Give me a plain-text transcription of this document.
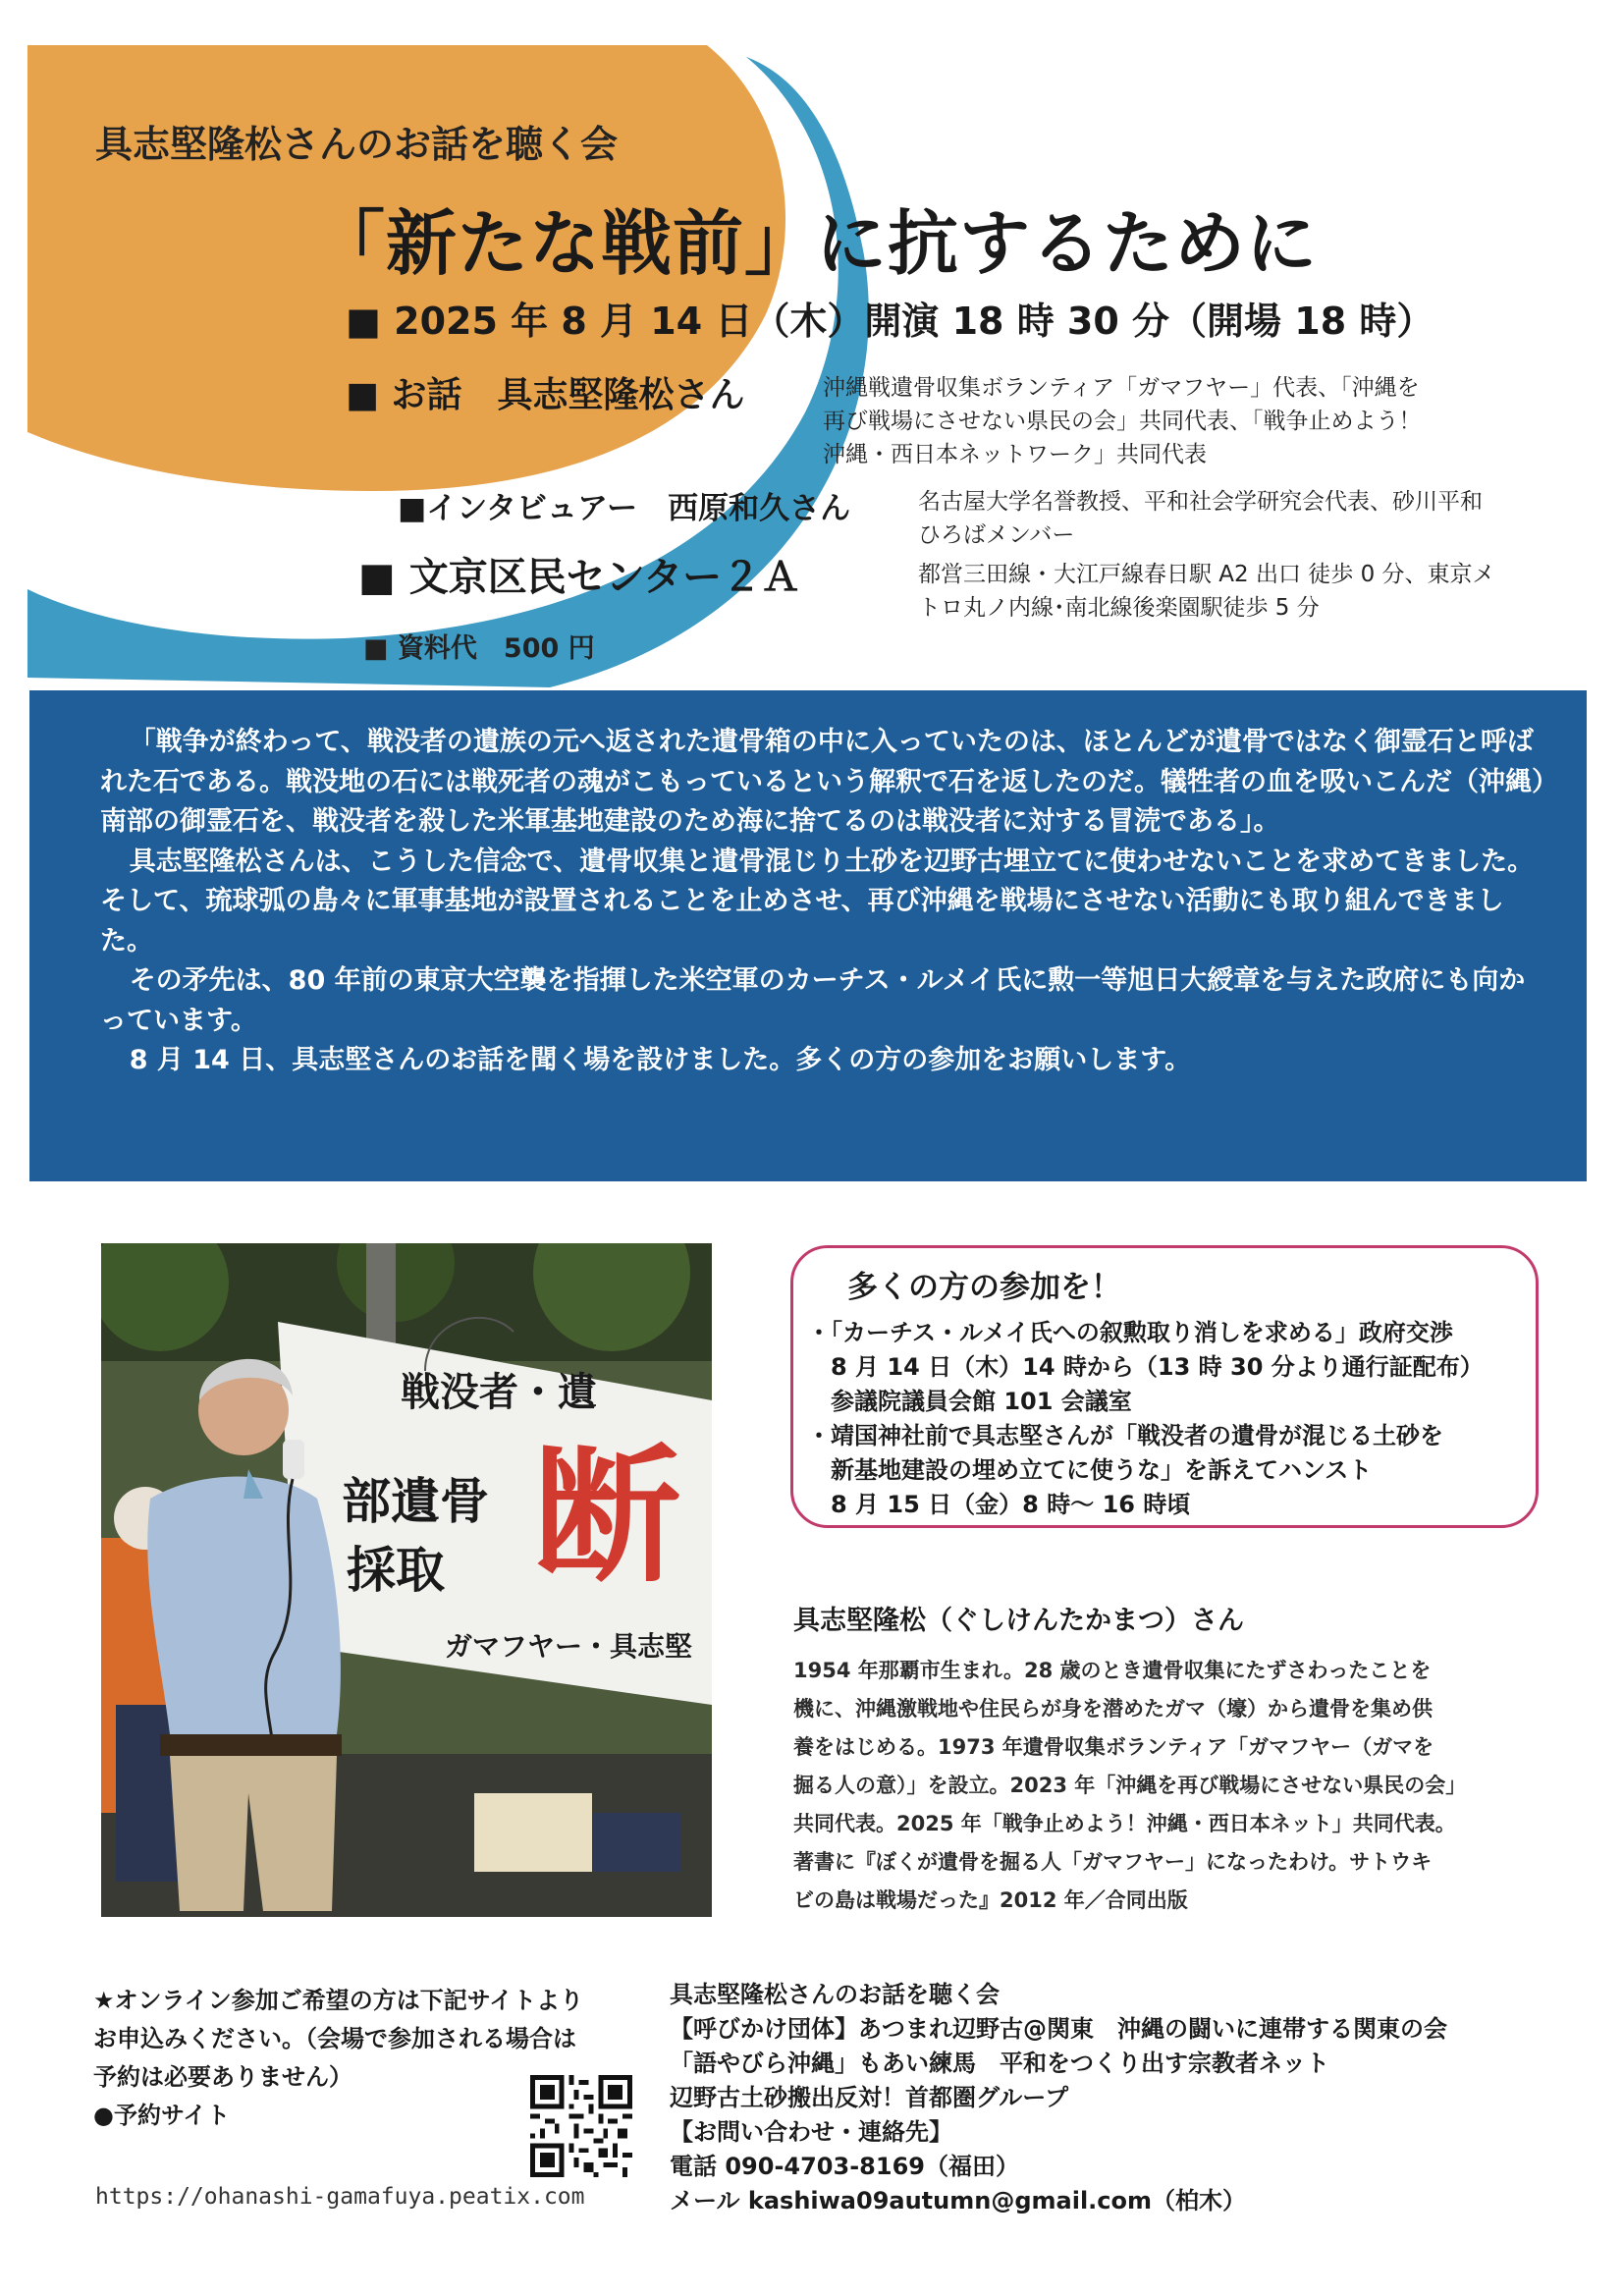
具志堅隆松さんのお話を聴く会
「新たな戦前」に抗するために
■ 2025 年 8 月 14 日（木）開演 18 時 30 分（開場 18 時）
■ お話　具志堅隆松さん	沖縄戦遺骨収集ボランティア「ガマフヤー」代表、「沖縄を
再び戦場にさせない県民の会」共同代表、「戦争止めよう！
沖縄・西日本ネットワーク」共同代表
■インタビュアー　西原和久さん	名古屋大学名誉教授、平和社会学研究会代表、砂川平和
ひろばメンバー
■ 文京区民センター２Ａ	都営三田線・大江戸線春日駅 A2 出口 徒歩 0 分、東京メ
トロ丸ノ内線･南北線後楽園駅徒歩 5 分
■ 資料代　500 円

「戦争が終わって、戦没者の遺族の元へ返された遺骨箱の中に入っていたのは、ほとんどが遺骨ではなく御霊石と呼ばれた石である。戦没地の石には戦死者の魂がこもっているという解釈で石を返したのだ。犠牲者の血を吸いこんだ（沖縄）南部の御霊石を、戦没者を殺した米軍基地建設のため海に捨てるのは戦没者に対する冒涜である」。

具志堅隆松さんは、こうした信念で、遺骨収集と遺骨混じり土砂を辺野古埋立てに使わせないことを求めてきました。そして、琉球弧の島々に軍事基地が設置されることを止めさせ、再び沖縄を戦場にさせない活動にも取り組んできました。

その矛先は、80 年前の東京大空襲を指揮した米空軍のカーチス・ルメイ氏に勲一等旭日大綬章を与えた政府にも向かっています。

8 月 14 日、具志堅さんのお話を聞く場を設けました。多くの方の参加をお願いします。

戦没者・遺
部遺骨
採取 断
ガマフヤー・具志堅
多くの方の参加を！
・「カーチス・ルメイ氏への叙勲取り消しを求める」政府交渉
8 月 14 日（木）14 時から（13 時 30 分より通行証配布）
参議院議員会館 101 会議室
・靖国神社前で具志堅さんが「戦没者の遺骨が混じる土砂を
新基地建設の埋め立てに使うな」を訴えてハンスト
8 月 15 日（金）8 時～ 16 時頃
具志堅隆松（ぐしけんたかまつ）さん

1954 年那覇市生まれ。28 歳のとき遺骨収集にたずさわったことを

機に、沖縄激戦地や住民らが身を潜めたガマ（壕）から遺骨を集め供

養をはじめる。1973 年遺骨収集ボランティア「ガマフヤー（ガマを

掘る人の意）」を設立。2023 年「沖縄を再び戦場にさせない県民の会」

共同代表。2025 年「戦争止めよう！沖縄・西日本ネット」共同代表。

著書に『ぼくが遺骨を掘る人「ガマフヤー」になったわけ。サトウキ

ビの島は戦場だった』2012 年／合同出版

★オンライン参加ご希望の方は下記サイトより
お申込みください。（会場で参加される場合は
予約は必要ありません）
●予約サイト
https://ohanashi-gamafuya.peatix.com
具志堅隆松さんのお話を聴く会
【呼びかけ団体】あつまれ辺野古@関東　沖縄の闘いに連帯する関東の会
「語やびら沖縄」もあい練馬　平和をつくり出す宗教者ネット
辺野古土砂搬出反対！首都圏グループ
【お問い合わせ・連絡先】
電話 090-4703-8169（福田）
メール kashiwa09autumn@gmail.com（柏木）
